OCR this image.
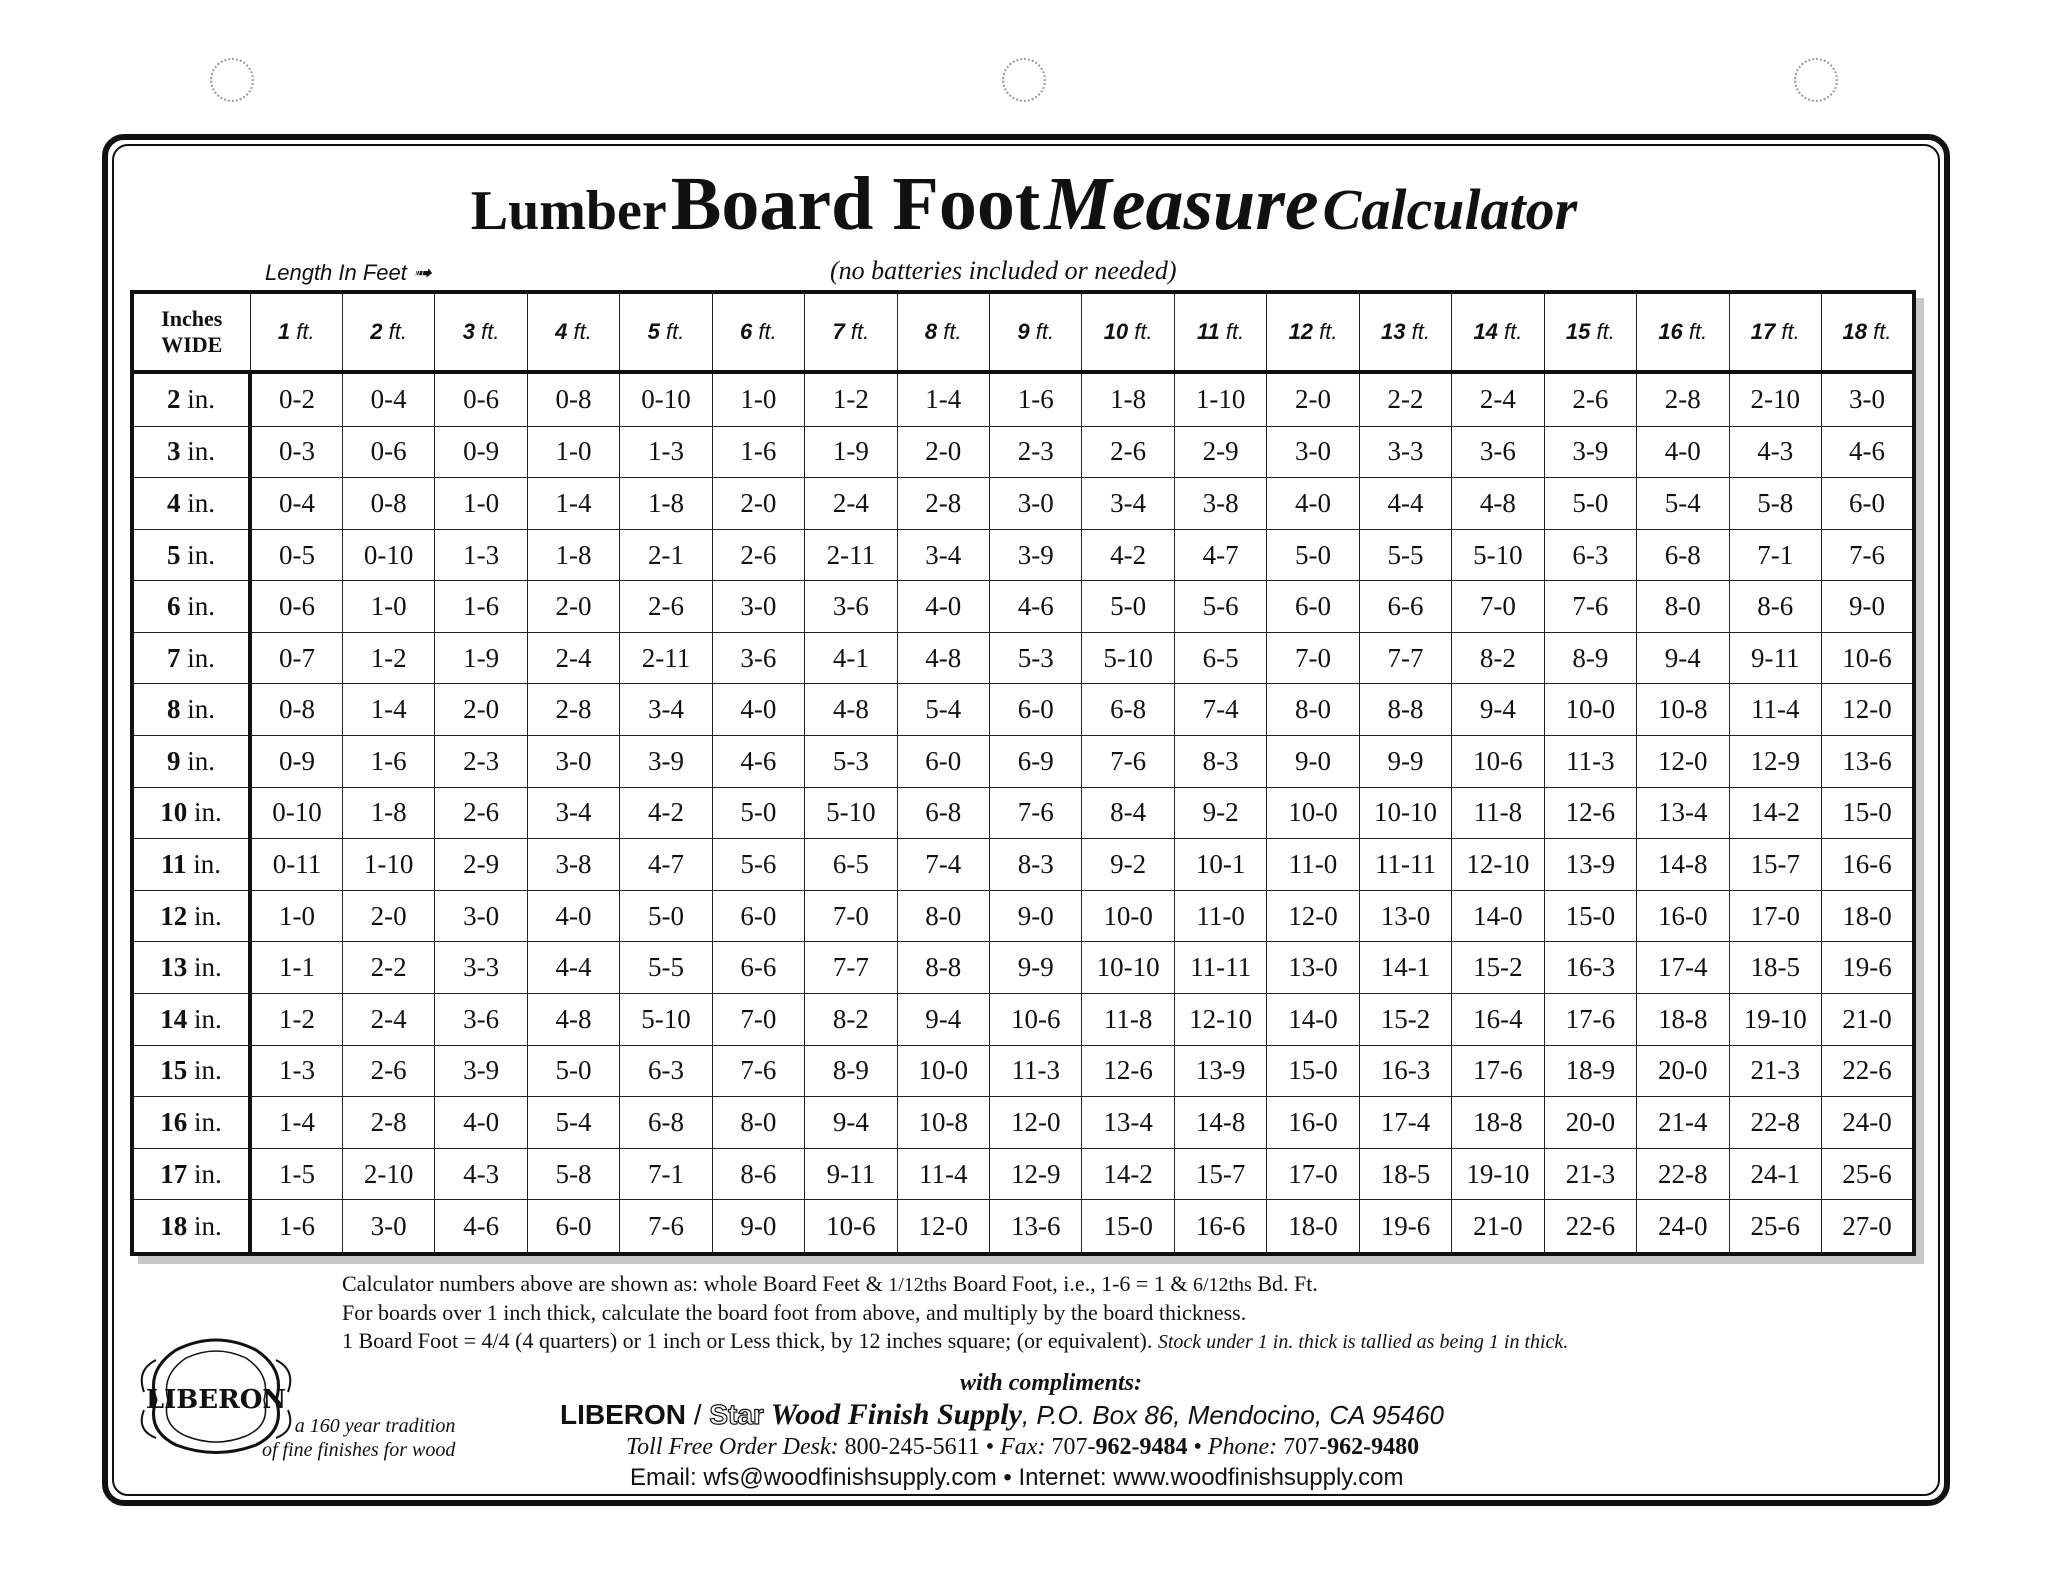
Lumber Board Foot Measure Calculator
Length In Feet ➟	(no batteries included or needed)
Inches
WIDE	1 ft.	2 ft.	3 ft.	4 ft.	5 ft.	6 ft.	7 ft.	8 ft.	9 ft.	10 ft.	11 ft.	12 ft.	13 ft.	14 ft.	15 ft.	16 ft.	17 ft.	18 ft.
2 in.	0-2	0-4	0-6	0-8	0-10	1-0	1-2	1-4	1-6	1-8	1-10	2-0	2-2	2-4	2-6	2-8	2-10	3-0
3 in.	0-3	0-6	0-9	1-0	1-3	1-6	1-9	2-0	2-3	2-6	2-9	3-0	3-3	3-6	3-9	4-0	4-3	4-6
4 in.	0-4	0-8	1-0	1-4	1-8	2-0	2-4	2-8	3-0	3-4	3-8	4-0	4-4	4-8	5-0	5-4	5-8	6-0
5 in.	0-5	0-10	1-3	1-8	2-1	2-6	2-11	3-4	3-9	4-2	4-7	5-0	5-5	5-10	6-3	6-8	7-1	7-6
6 in.	0-6	1-0	1-6	2-0	2-6	3-0	3-6	4-0	4-6	5-0	5-6	6-0	6-6	7-0	7-6	8-0	8-6	9-0
7 in.	0-7	1-2	1-9	2-4	2-11	3-6	4-1	4-8	5-3	5-10	6-5	7-0	7-7	8-2	8-9	9-4	9-11	10-6
8 in.	0-8	1-4	2-0	2-8	3-4	4-0	4-8	5-4	6-0	6-8	7-4	8-0	8-8	9-4	10-0	10-8	11-4	12-0
9 in.	0-9	1-6	2-3	3-0	3-9	4-6	5-3	6-0	6-9	7-6	8-3	9-0	9-9	10-6	11-3	12-0	12-9	13-6
10 in.	0-10	1-8	2-6	3-4	4-2	5-0	5-10	6-8	7-6	8-4	9-2	10-0	10-10	11-8	12-6	13-4	14-2	15-0
11 in.	0-11	1-10	2-9	3-8	4-7	5-6	6-5	7-4	8-3	9-2	10-1	11-0	11-11	12-10	13-9	14-8	15-7	16-6
12 in.	1-0	2-0	3-0	4-0	5-0	6-0	7-0	8-0	9-0	10-0	11-0	12-0	13-0	14-0	15-0	16-0	17-0	18-0
13 in.	1-1	2-2	3-3	4-4	5-5	6-6	7-7	8-8	9-9	10-10	11-11	13-0	14-1	15-2	16-3	17-4	18-5	19-6
14 in.	1-2	2-4	3-6	4-8	5-10	7-0	8-2	9-4	10-6	11-8	12-10	14-0	15-2	16-4	17-6	18-8	19-10	21-0
15 in.	1-3	2-6	3-9	5-0	6-3	7-6	8-9	10-0	11-3	12-6	13-9	15-0	16-3	17-6	18-9	20-0	21-3	22-6
16 in.	1-4	2-8	4-0	5-4	6-8	8-0	9-4	10-8	12-0	13-4	14-8	16-0	17-4	18-8	20-0	21-4	22-8	24-0
17 in.	1-5	2-10	4-3	5-8	7-1	8-6	9-11	11-4	12-9	14-2	15-7	17-0	18-5	19-10	21-3	22-8	24-1	25-6
18 in.	1-6	3-0	4-6	6-0	7-6	9-0	10-6	12-0	13-6	15-0	16-6	18-0	19-6	21-0	22-6	24-0	25-6	27-0
Calculator numbers above are shown as: whole Board Feet & 1/12ths Board Foot, i.e., 1-6 = 1 & 6/12ths Bd. Ft.
For boards over 1 inch thick, calculate the board foot from above, and multiply by the board thickness.
1 Board Foot = 4/4 (4 quarters) or 1 inch or Less thick, by 12 inches square; (or equivalent). Stock under 1 in. thick is tallied as being 1 in thick.
LIBERON
a 160 year tradition
of fine finishes for wood
with compliments:
LIBERON / Star Wood Finish Supply, P.O. Box 86, Mendocino, CA 95460
Toll Free Order Desk: 800-245-5611 • Fax: 707-962-9484 • Phone: 707-962-9480
Email: wfs@woodfinishsupply.com • Internet: www.woodfinishsupply.com
